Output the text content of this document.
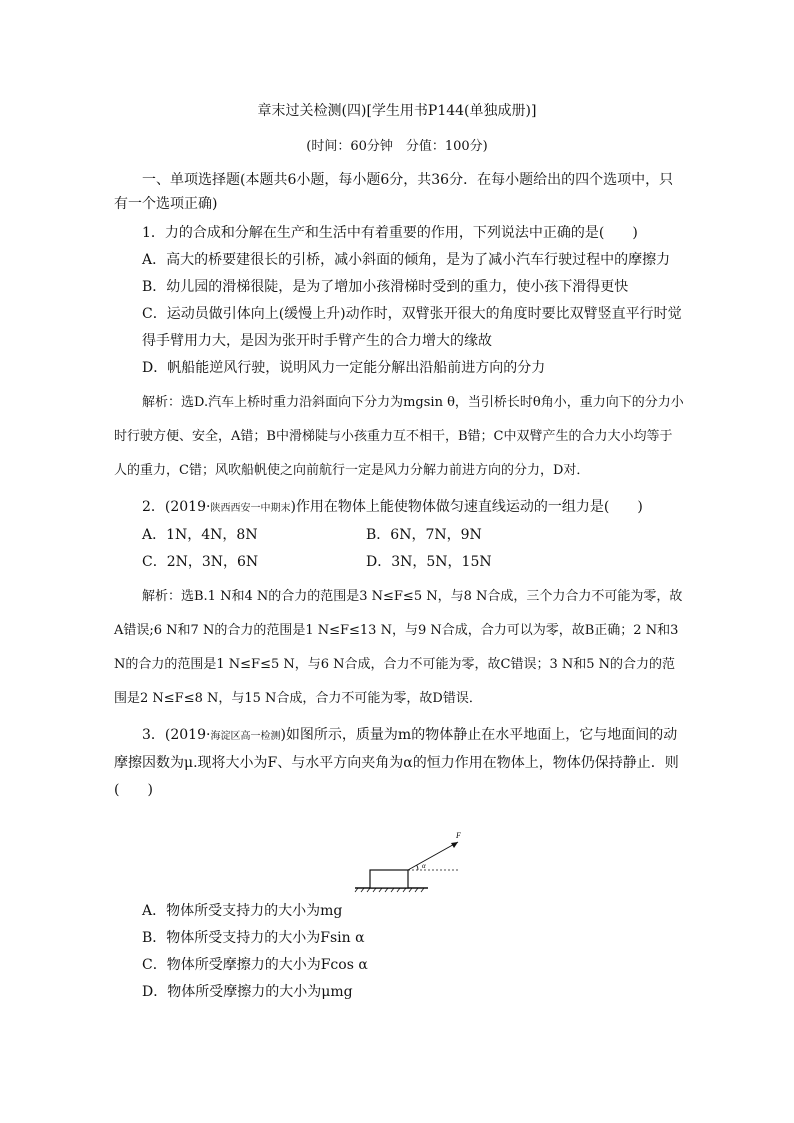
章末过关检测(四)[学生用书P144(单独成册)]
(时间：60分钟　分值：100分)

一、单项选择题(本题共6小题，每小题6分，共36分．在每小题给出的四个选项中，只有一个选项正确)

1．力的合成和分解在生产和生活中有着重要的作用，下列说法中正确的是(　　)

A．高大的桥要建很长的引桥，减小斜面的倾角，是为了减小汽车行驶过程中的摩擦力

B．幼儿园的滑梯很陡，是为了增加小孩滑梯时受到的重力，使小孩下滑得更快

C．运动员做引体向上(缓慢上升)动作时，双臂张开很大的角度时要比双臂竖直平行时觉得手臂用力大，是因为张开时手臂产生的合力增大的缘故

D．帆船能逆风行驶，说明风力一定能分解出沿船前进方向的分力

解析：选D.汽车上桥时重力沿斜面向下分力为mgsin θ，当引桥长时θ角小，重力向下的分力小时行驶方便、安全，A错；B中滑梯陡与小孩重力互不相干，B错；C中双臂产生的合力大小均等于人的重力，C错；风吹船帆使之向前航行一定是风力分解力前进方向的分力，D对．

2．(2019·陕西西安一中期末)作用在物体上能使物体做匀速直线运动的一组力是(　　)

A．1N，4N，8N	B．6N，7N，9N
C．2N，3N，6N	D．3N，5N，15N

解析：选B.1 N和4 N的合力的范围是3 N≤F≤5 N，与8 N合成，三个力合力不可能为零，故A错误;6 N和7 N的合力的范围是1 N≤F≤13 N，与9 N合成，合力可以为零，故B正确；2 N和3 N的合力的范围是1 N≤F≤5 N，与6 N合成，合力不可能为零，故C错误；3 N和5 N的合力的范围是2 N≤F≤8 N，与15 N合成，合力不可能为零，故D错误．

3．(2019·海淀区高一检测)如图所示，质量为m的物体静止在水平地面上，它与地面间的动摩擦因数为μ.现将大小为F、与水平方向夹角为α的恒力作用在物体上，物体仍保持静止．则(　　)

F
α

A．物体所受支持力的大小为mg

B．物体所受支持力的大小为Fsin α

C．物体所受摩擦力的大小为Fcos α

D．物体所受摩擦力的大小为μmg
